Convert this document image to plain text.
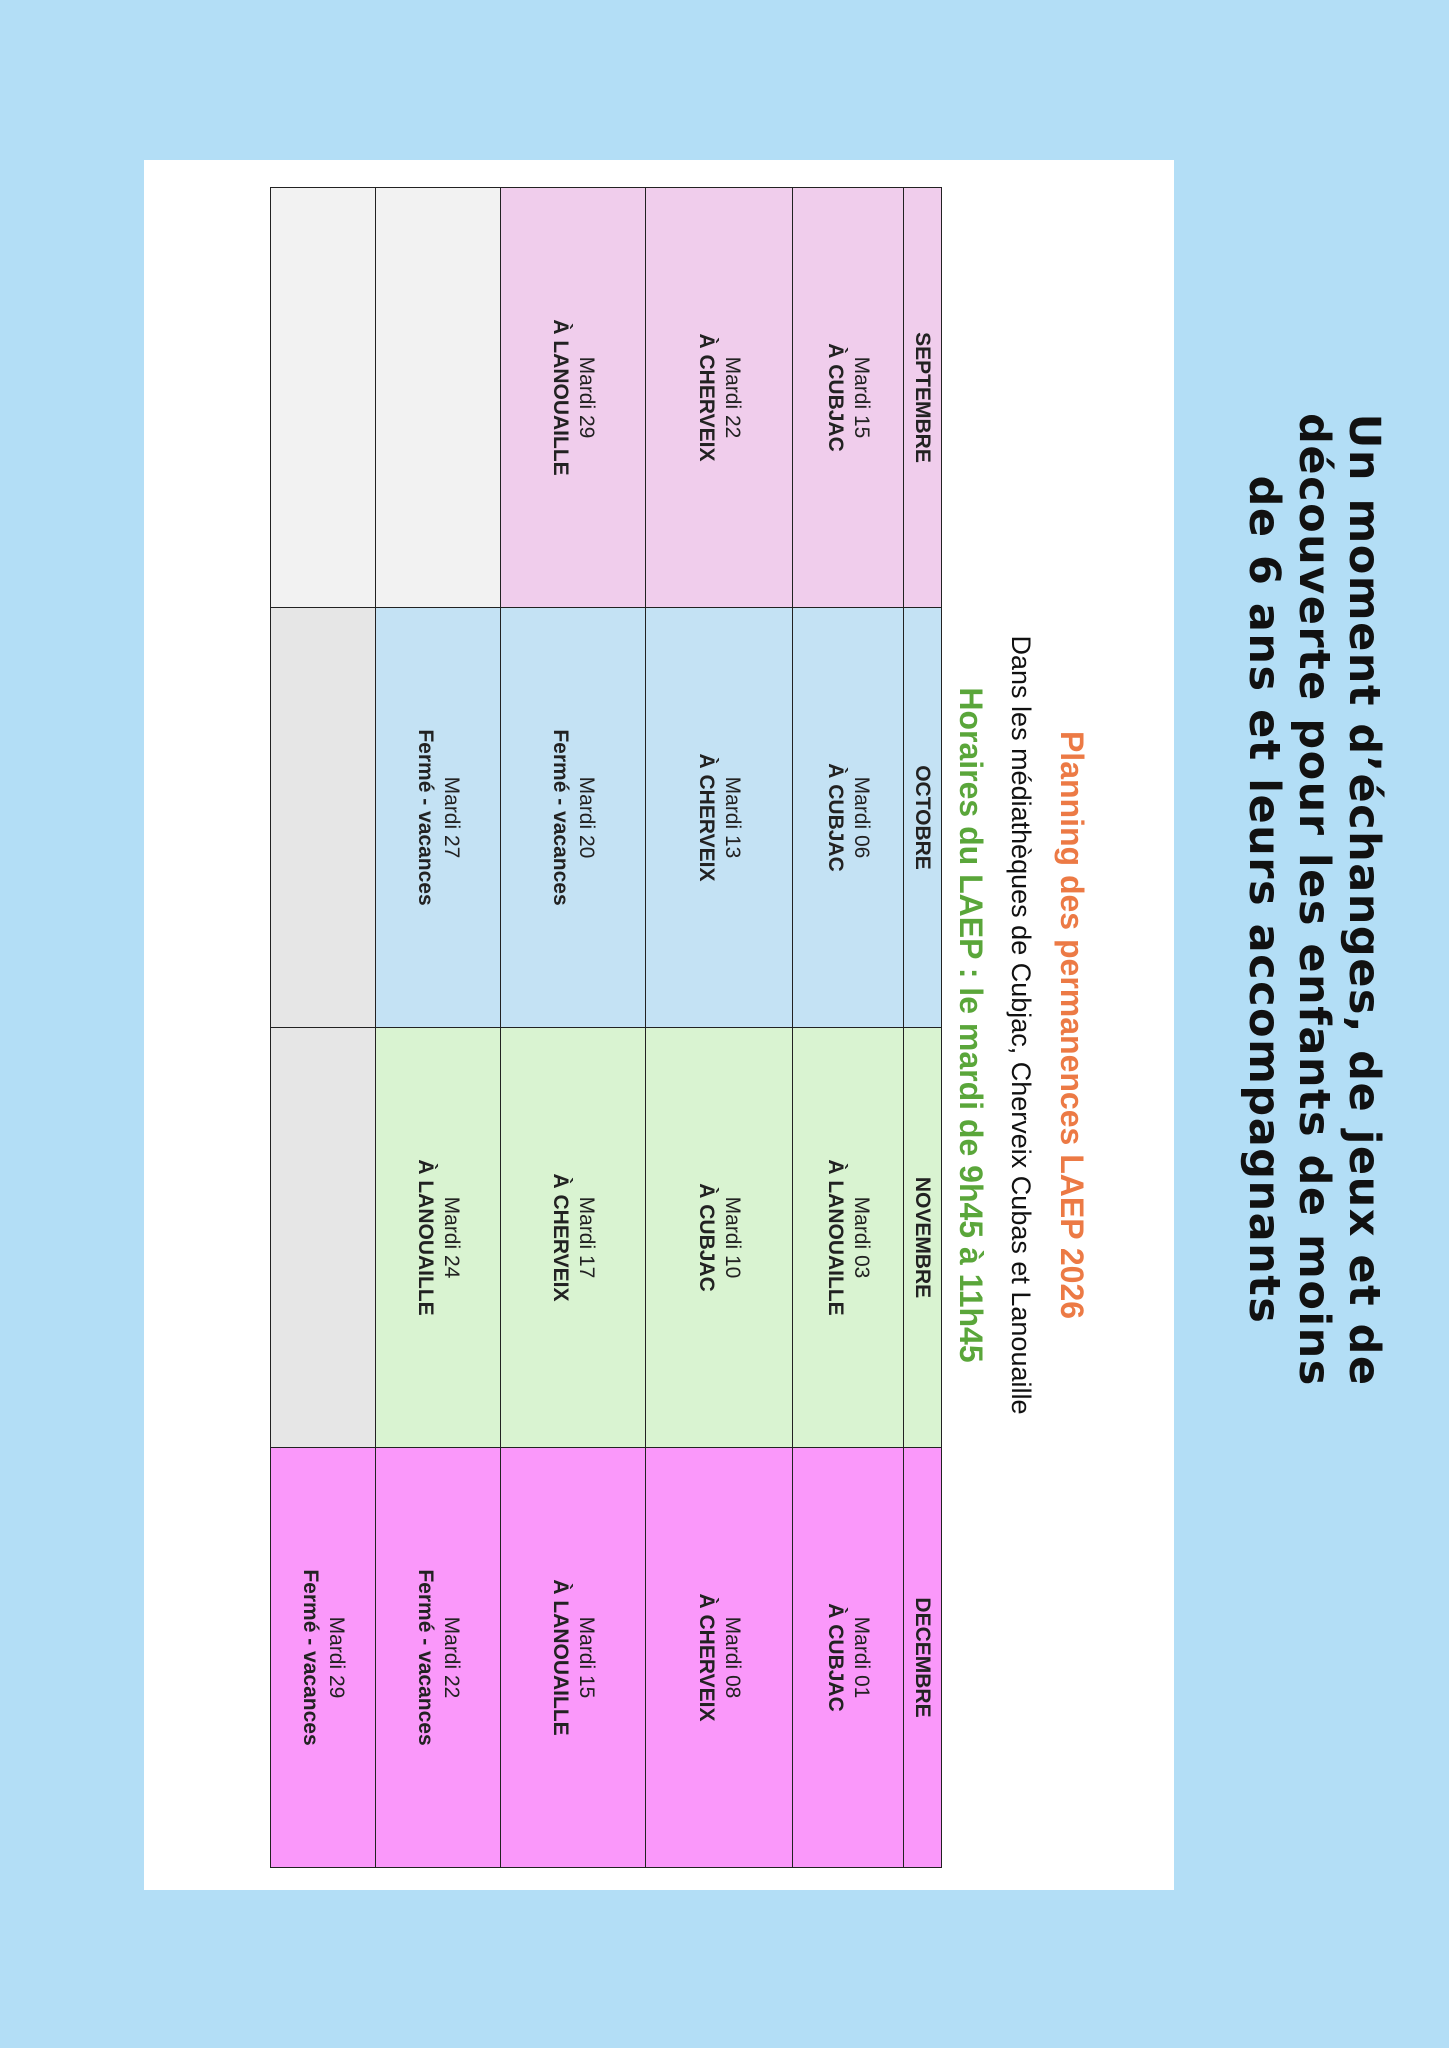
Un moment d’échanges, de jeux et de découverte pour les enfants de moins de 6 ans et leurs accompagnants
Planning des permanences LAEP 2026
Dans les médiathèques de Cubjac, Cherveix Cubas et Lanouaille
Horaires du LAEP : le mardi de 9h45 à 11h45
SEPTEMBRE	OCTOBRE	NOVEMBRE	DECEMBRE

Mardi 15
À CUBJAC	Mardi 06
À CUBJAC	Mardi 03
À LANOUAILLE	Mardi 01
À CUBJAC

Mardi 22
À CHERVEIX	Mardi 13
À CHERVEIX	Mardi 10
À CUBJAC	Mardi 08
À CHERVEIX

Mardi 29
À LANOUAILLE	Mardi 20
Fermé - vacances	Mardi 17
À CHERVEIX	Mardi 15
À LANOUAILLE

	Mardi 27
Fermé - vacances	Mardi 24
À LANOUAILLE	Mardi 22
Fermé - vacances

			Mardi 29
Fermé - vacances
